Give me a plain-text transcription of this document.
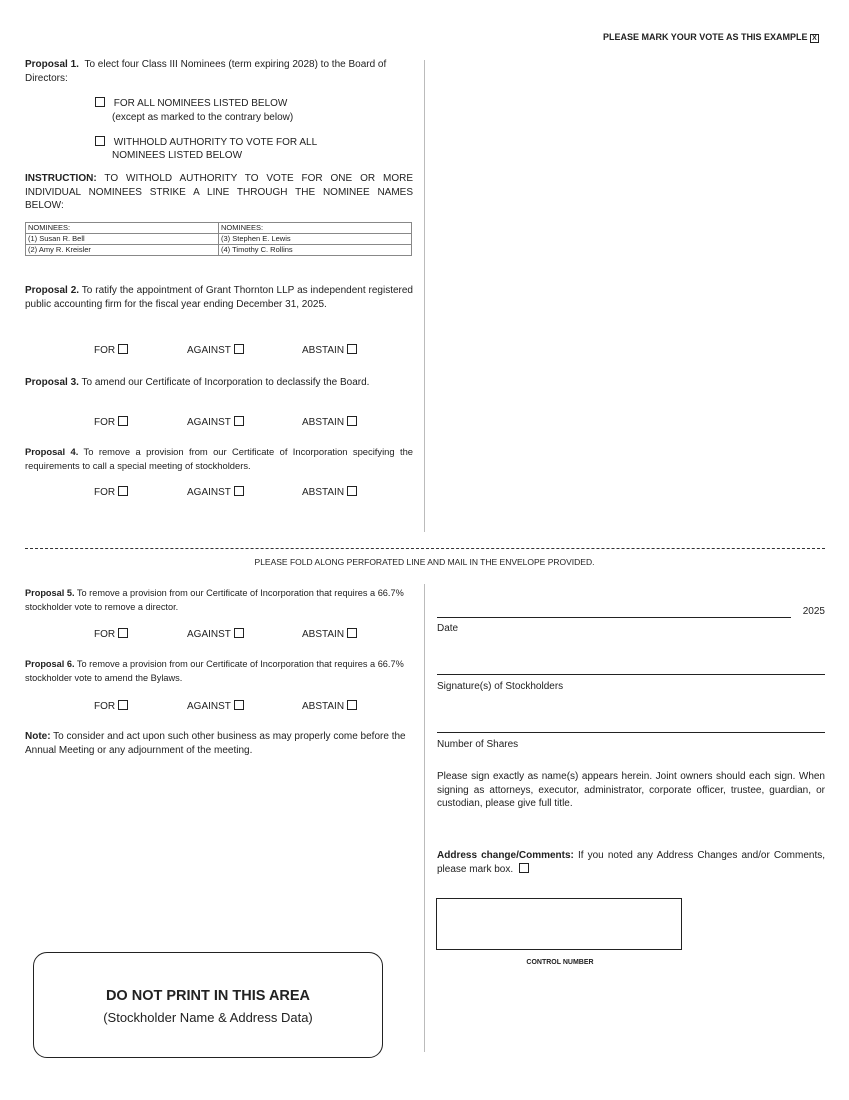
PLEASE MARK YOUR VOTE AS THIS EXAMPLE X
Proposal 1. To elect four Class III Nominees (term expiring 2028) to the Board of Directors:
FOR ALL NOMINEES LISTED BELOW
(except as marked to the contrary below)
WITHHOLD AUTHORITY TO VOTE FOR ALL
NOMINEES LISTED BELOW
INSTRUCTION: TO WITHOLD AUTHORITY TO VOTE FOR ONE OR MORE INDIVIDUAL NOMINEES STRIKE A LINE THROUGH THE NOMINEE NAMES BELOW:
NOMINEES:	NOMINEES:
(1) Susan R. Bell	(3) Stephen E. Lewis
(2) Amy R. Kreisler	(4) Timothy C. Rollins
Proposal 2. To ratify the appointment of Grant Thornton LLP as independent registered public accounting firm for the fiscal year ending December 31, 2025.
FOR	AGAINST	ABSTAIN
Proposal 3. To amend our Certificate of Incorporation to declassify the Board.
FOR	AGAINST	ABSTAIN
Proposal 4. To remove a provision from our Certificate of Incorporation specifying the requirements to call a special meeting of stockholders.
FOR	AGAINST	ABSTAIN
PLEASE FOLD ALONG PERFORATED LINE AND MAIL IN THE ENVELOPE PROVIDED.
Proposal 5. To remove a provision from our Certificate of Incorporation that requires a 66.7% stockholder vote to remove a director.
FOR	AGAINST	ABSTAIN
Proposal 6. To remove a provision from our Certificate of Incorporation that requires a 66.7% stockholder vote to amend the Bylaws.
FOR	AGAINST	ABSTAIN
Note: To consider and act upon such other business as may properly come before the Annual Meeting or any adjournment of the meeting.
2025
Date
Signature(s) of Stockholders
Number of Shares
Please sign exactly as name(s) appears herein. Joint owners should each sign. When signing as attorneys, executor, administrator, corporate officer, trustee, guardian, or custodian, please give full title.
Address change/Comments: If you noted any Address Changes and/or Comments, please mark box.
CONTROL NUMBER
DO NOT PRINT IN THIS AREA
(Stockholder Name & Address Data)
